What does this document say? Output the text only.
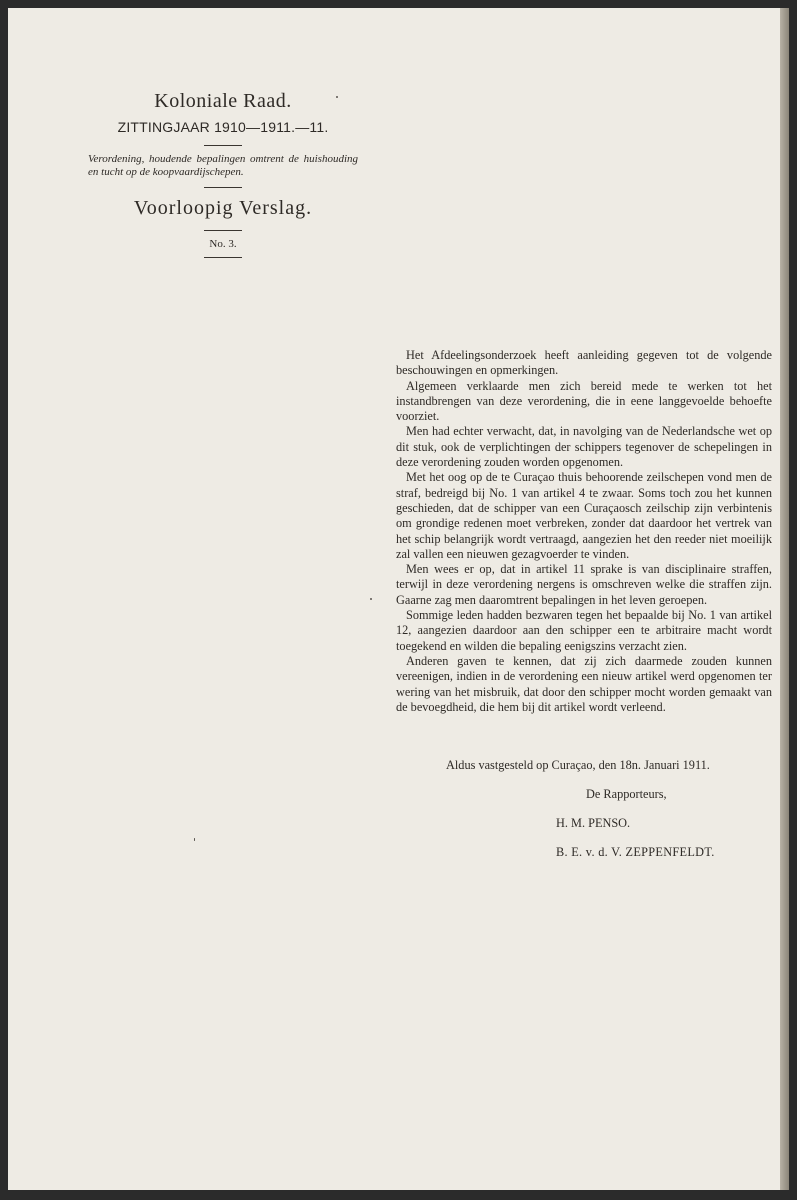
Koloniale Raad.
ZITTINGJAAR 1910—1911.—11.
Verordening, houdende bepalingen omtrent de huishouding en tucht op de koopvaardijschepen.
Voorloopig Verslag.
No. 3.

Het Afdeelingsonderzoek heeft aanleiding gegeven tot de volgende beschouwingen en opmerkingen.

Algemeen verklaarde men zich bereid mede te werken tot het instandbrengen van deze verordening, die in eene langgevoelde behoefte voorziet.

Men had echter verwacht, dat, in navolging van de Nederlandsche wet op dit stuk, ook de verplichtingen der schippers tegenover de schepelingen in deze verordening zouden worden opgenomen.

Met het oog op de te Curaçao thuis behoorende zeilschepen vond men de straf, bedreigd bij No. 1 van artikel 4 te zwaar. Soms toch zou het kunnen geschieden, dat de schipper van een Curaçaosch zeilschip zijn verbintenis om grondige redenen moet verbreken, zonder dat daardoor het vertrek van het schip belangrijk wordt vertraagd, aangezien het den reeder niet moeilijk zal vallen een nieuwen gezagvoerder te vinden.

Men wees er op, dat in artikel 11 sprake is van disciplinaire straffen, terwijl in deze verordening nergens is omschreven welke die straffen zijn. Gaarne zag men daaromtrent bepalingen in het leven geroepen.

Sommige leden hadden bezwaren tegen het bepaalde bij No. 1 van artikel 12, aangezien daardoor aan den schipper een te arbitraire macht wordt toegekend en wilden die bepaling eenigszins verzacht zien.

Anderen gaven te kennen, dat zij zich daarmede zouden kunnen vereenigen, indien in de verordening een nieuw artikel werd opgenomen ter wering van het misbruik, dat door den schipper mocht worden gemaakt van de bevoegdheid, die hem bij dit artikel wordt verleend.

Aldus vastgesteld op Curaçao, den 18n. Januari 1911.
De Rapporteurs,
H. M. PENSO.
B. E. v. d. V. ZEPPENFELDT.
